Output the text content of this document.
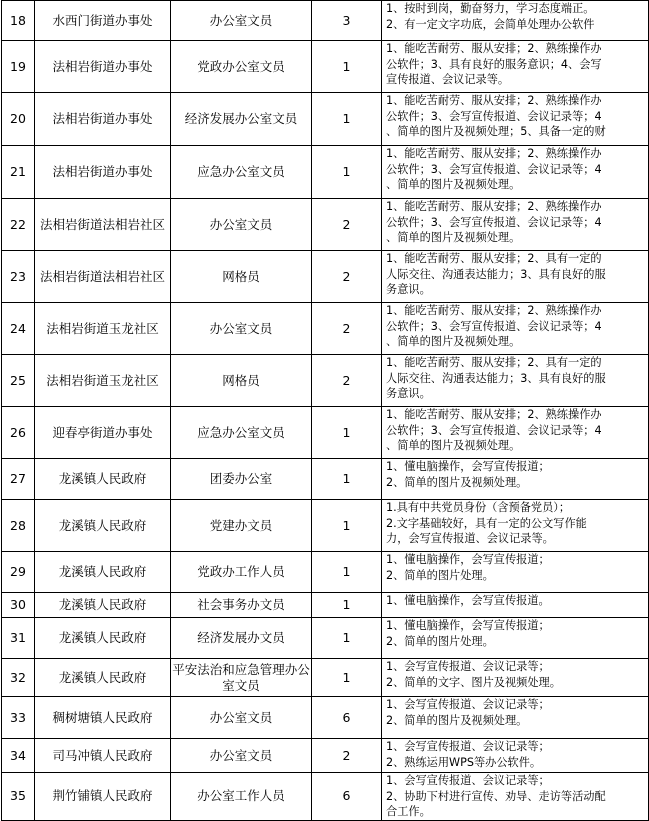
18	水西门街道办事处	办公室文员	3	1、按时到岗，勤奋努力，学习态度端正。
2、有一定文字功底，会简单处理办公软件

19	法相岩街道办事处	党政办公室文员	1	1、能吃苦耐劳、服从安排；2、熟练操作办
公软件；3、具有良好的服务意识；4、会写
宣传报道、会议记录等。

20	法相岩街道办事处	经济发展办公室文员	1	1、能吃苦耐劳、服从安排；2、熟练操作办
公软件；3、会写宣传报道、会议记录等；4
、简单的图片及视频处理；5、具备一定的财

21	法相岩街道办事处	应急办公室文员	1	1、能吃苦耐劳、服从安排；2、熟练操作办
公软件；3、会写宣传报道、会议记录等；4
、简单的图片及视频处理。

22	法相岩街道法相岩社区	办公室文员	2	1、能吃苦耐劳、服从安排；2、熟练操作办
公软件；3、会写宣传报道、会议记录等；4
、简单的图片及视频处理。

23	法相岩街道法相岩社区	网格员	2	1、能吃苦耐劳、服从安排；2、具有一定的
人际交往、沟通表达能力；3、具有良好的服
务意识。

24	法相岩街道玉龙社区	办公室文员	2	1、能吃苦耐劳、服从安排；2、熟练操作办
公软件；3、会写宣传报道、会议记录等；4
、简单的图片及视频处理。

25	法相岩街道玉龙社区	网格员	2	1、能吃苦耐劳、服从安排；2、具有一定的
人际交往、沟通表达能力；3、具有良好的服
务意识。

26	迎春亭街道办事处	应急办公室文员	1	1、能吃苦耐劳、服从安排；2、熟练操作办
公软件；3、会写宣传报道、会议记录等；4
、简单的图片及视频处理。

27	龙溪镇人民政府	团委办公室	1	1、懂电脑操作，会写宣传报道；
2、简单的图片及视频处理。

28	龙溪镇人民政府	党建办文员	1	1.具有中共党员身份（含预备党员）；
2.文字基础较好，具有一定的公文写作能
力，会写宣传报道、会议记录等。

29	龙溪镇人民政府	党政办工作人员	1	1、懂电脑操作，会写宣传报道；
2、简单的图片处理。

30	龙溪镇人民政府	社会事务办文员	1	1、懂电脑操作，会写宣传报道。

31	龙溪镇人民政府	经济发展办文员	1	1、懂电脑操作，会写宣传报道；
2、简单的图片处理。

32	龙溪镇人民政府	平安法治和应急管理办公室文员	1	1、会写宣传报道、会议记录等；
2、简单的文字、图片及视频处理。

33	稠树塘镇人民政府	办公室文员	6	1、会写宣传报道、会议记录等；
2、简单的图片及视频处理。

34	司马冲镇人民政府	办公室文员	2	1、会写宣传报道、会议记录等；
2、熟练运用WPS等办公软件。

35	荆竹铺镇人民政府	办公室工作人员	6	1、会写宣传报道、会议记录等；
2、协助下村进行宣传、劝导、走访等活动配
合工作。
